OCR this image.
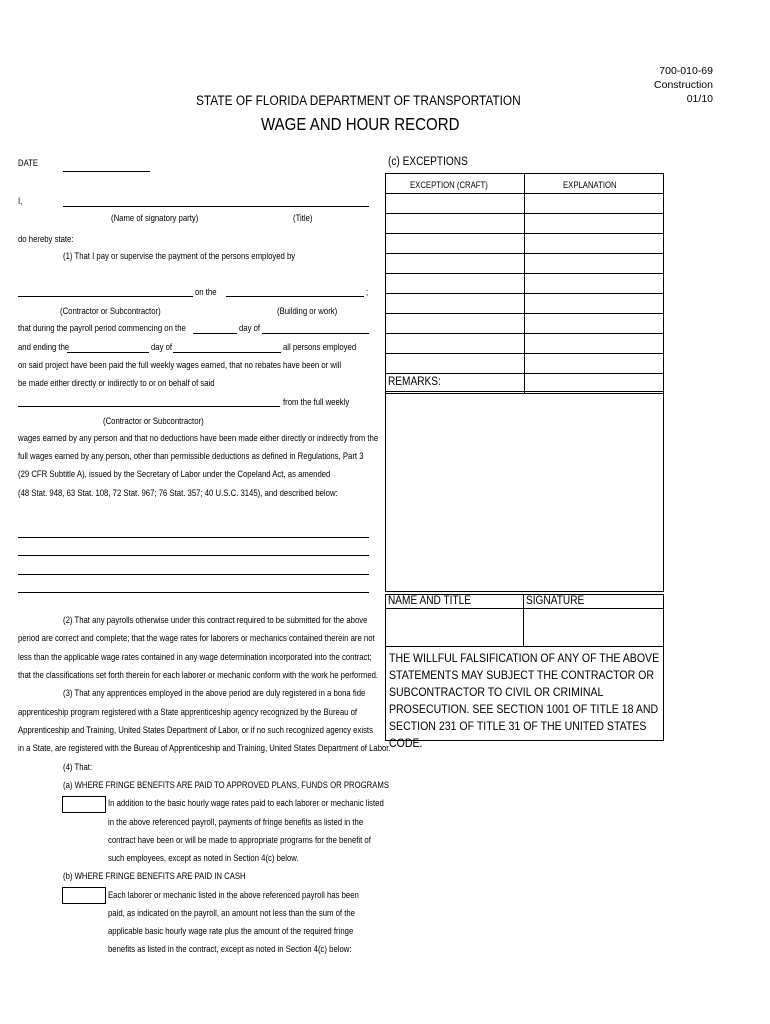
700-010-69
Construction
01/10
STATE OF FLORIDA DEPARTMENT OF TRANSPORTATION
WAGE AND HOUR RECORD
DATE
I,
(Name of signatory party)	(Title)
do hereby state:
(1) That I pay or supervise the payment of the persons employed by
on the	;
(Contractor or Subcontractor)	(Building or work)
that during the payroll period commencing on the	day of
and ending the	day of	all persons employed
on said project have been paid the full weekly wages earned, that no rebates have been or will
be made either directly or indirectly to or on behalf of said
from the full weekly
(Contractor or Subcontractor)
wages earned by any person and that no deductions have been made either directly or indirectly from the
full wages earned by any person, other than permissible deductions as defined in Regulations, Part 3
(29 CFR Subtitle A), issued by the Secretary of Labor under the Copeland Act, as amended
(48 Stat. 948, 63 Stat. 108, 72 Stat. 967; 76 Stat. 357; 40 U.S.C. 3145), and described below:
(2) That any payrolls otherwise under this contract required to be submitted for the above
period are correct and complete; that the wage rates for laborers or mechanics contained therein are not
less than the applicable wage rates contained in any wage determination incorporated into the contract;
that the classifications set forth therein for each laborer or mechanic conform with the work he performed.
(3) That any apprentices employed in the above period are duly registered in a bona fide
apprenticeship program registered with a State apprenticeship agency recognized by the Bureau of
Apprenticeship and Training, United States Department of Labor, or if no such recognized agency exists
in a State, are registered with the Bureau of Apprenticeship and Training, United States Department of Labor.
(4) That:
(a) WHERE FRINGE BENEFITS ARE PAID TO APPROVED PLANS, FUNDS OR PROGRAMS
In addition to the basic hourly wage rates paid to each laborer or mechanic listed
in the above referenced payroll, payments of fringe benefits as listed in the
contract have been or will be made to appropriate programs for the benefit of
such employees, except as noted in Section 4(c) below.
(b) WHERE FRINGE BENEFITS ARE PAID IN CASH
Each laborer or mechanic listed in the above referenced payroll has been
paid, as indicated on the payroll, an amount not less than the sum of the
applicable basic hourly wage rate plus the amount of the required fringe
benefits as listed in the contract, except as noted in Section 4(c) below:
(c) EXCEPTIONS
EXCEPTION (CRAFT)	EXPLANATION

REMARKS:
NAME AND TITLE	SIGNATURE
THE WILLFUL FALSIFICATION OF ANY OF THE ABOVE STATEMENTS MAY SUBJECT THE CONTRACTOR OR SUBCONTRACTOR TO CIVIL OR CRIMINAL PROSECUTION. SEE SECTION 1001 OF TITLE 18 AND SECTION 231 OF TITLE 31 OF THE UNITED STATES CODE.
